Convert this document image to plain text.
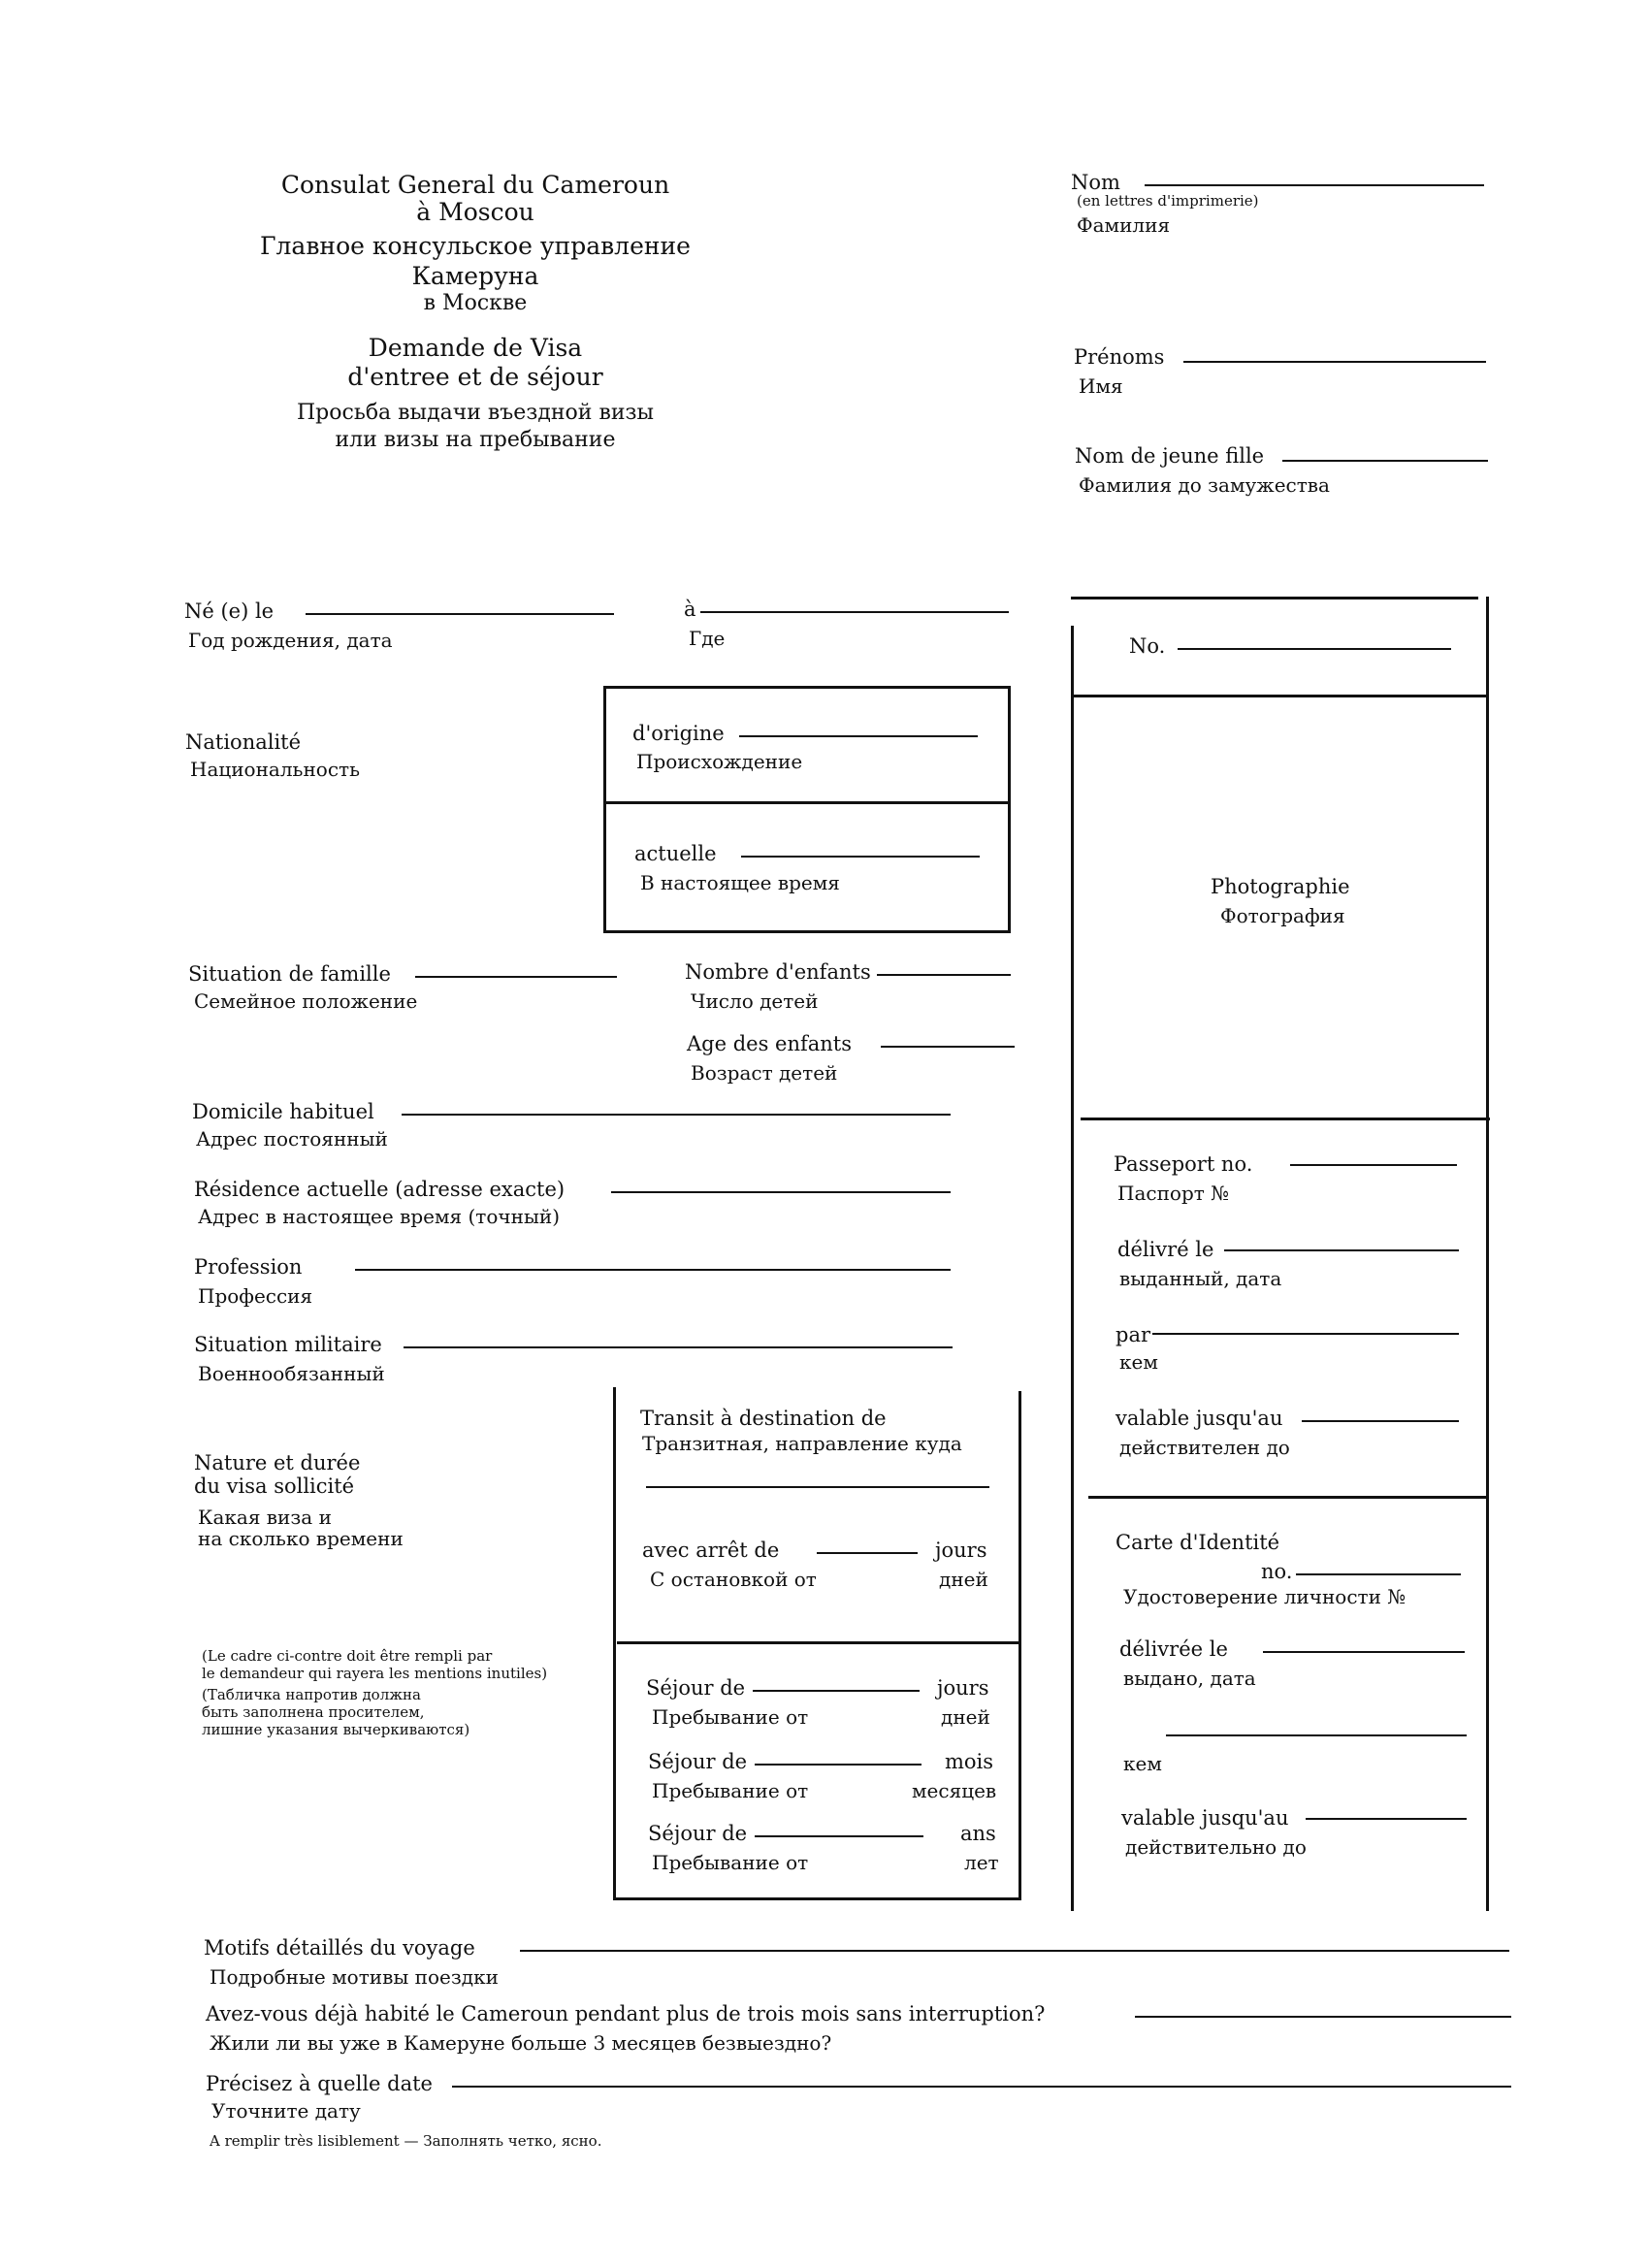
Consulat General du Cameroun
à Moscou
Главное консульское управление
Камеруна
в Москве
Demande de Visa
d'entree et de séjour
Просьба выдачи въездной визы
или визы на пребывание
Nom
(en lettres d'imprimerie)
Фамилия
Prénoms
Имя
Nom de jeune fille
Фамилия до замужества
Né (e) le
Год рождения, дата
à
Где
Nationalité
Национальность
d'origine
Происхождение
actuelle
В настоящее время
No.
Photographie
Фотография
Passeport no.
Паспорт №
délivré le
выданный, дата
par
кем
valable jusqu'au
действителен до
Carte d'Identité
no.
Удостоверение личности №
délivrée le
выдано, дата
кем
valable jusqu'au
действительно до
Situation de famille
Семейное положение
Nombre d'enfants
Число детей
Age des enfants
Возраст детей
Domicile habituel
Адрес постоянный
Résidence actuelle (adresse exacte)
Адрес в настоящее время (точный)
Profession
Профессия
Situation militaire
Военнообязанный
Nature et durée
du visa sollicité
Какая виза и
на сколько времени
(Le cadre ci-contre doit être rempli par
le demandeur qui rayera les mentions inutiles)
(Табличка напротив должна
быть заполнена просителем,
лишние указания вычеркиваются)
Transit à destination de
Транзитная, направление куда
avec arrêt de	jours
С остановкой от	дней
Séjour de	jours
Пребывание от	дней
Séjour de	mois
Пребывание от	месяцев
Séjour de	ans
Пребывание от	лет
Motifs détaillés du voyage
Подробные мотивы поездки
Avez-vous déjà habité le Cameroun pendant plus de trois mois sans interruption?
Жили ли вы уже в Камеруне больше 3 месяцев безвыездно?
Précisez à quelle date
Уточните дату
A remplir très lisiblement — Заполнять четко, ясно.
